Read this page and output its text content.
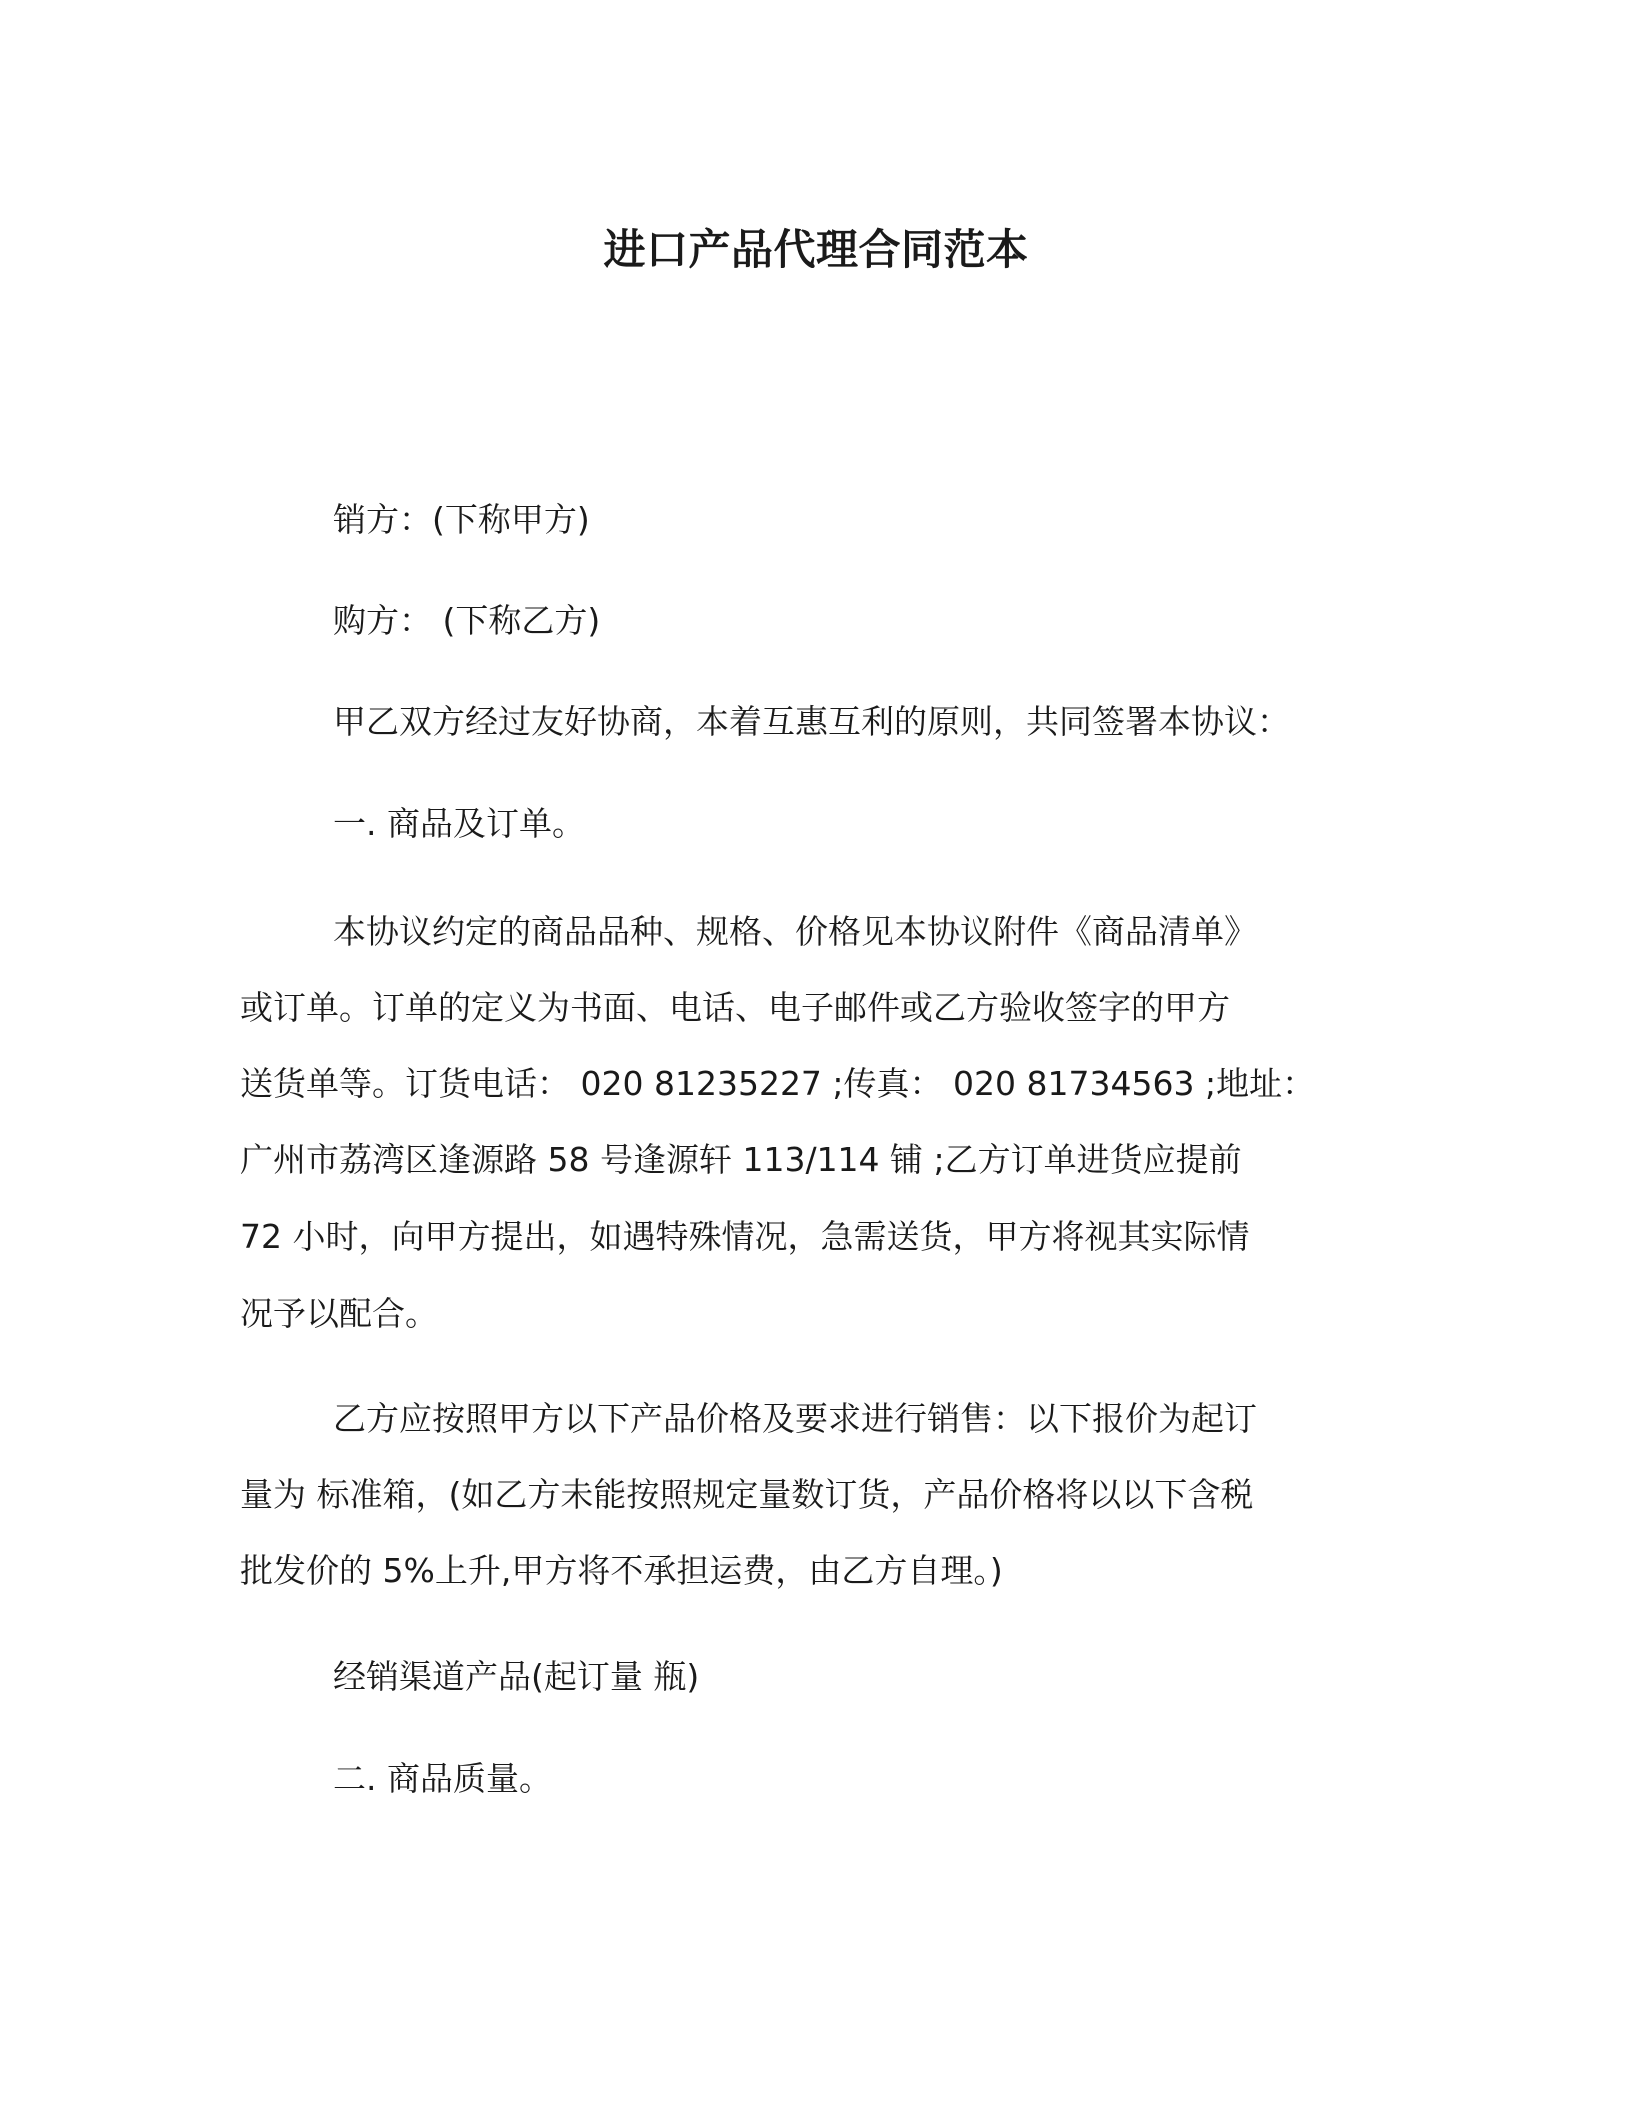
进口产品代理合同范本
销方：(下称甲方)
购方： (下称乙方)
甲乙双方经过友好协商，本着互惠互利的原则，共同签署本协议：
一. 商品及订单。
本协议约定的商品品种、规格、价格见本协议附件《商品清单》
或订单。订单的定义为书面、电话、电子邮件或乙方验收签字的甲方
送货单等。订货电话： 020 81235227 ;传真： 020 81734563 ;地址：
广州市荔湾区逢源路 58 号逢源轩 113/114 铺 ;乙方订单进货应提前
72 小时，向甲方提出，如遇特殊情况，急需送货，甲方将视其实际情
况予以配合。
乙方应按照甲方以下产品价格及要求进行销售：以下报价为起订
量为 标准箱，(如乙方未能按照规定量数订货，产品价格将以以下含税
批发价的 5%上升,甲方将不承担运费，由乙方自理。)
经销渠道产品(起订量 瓶)
二. 商品质量。
